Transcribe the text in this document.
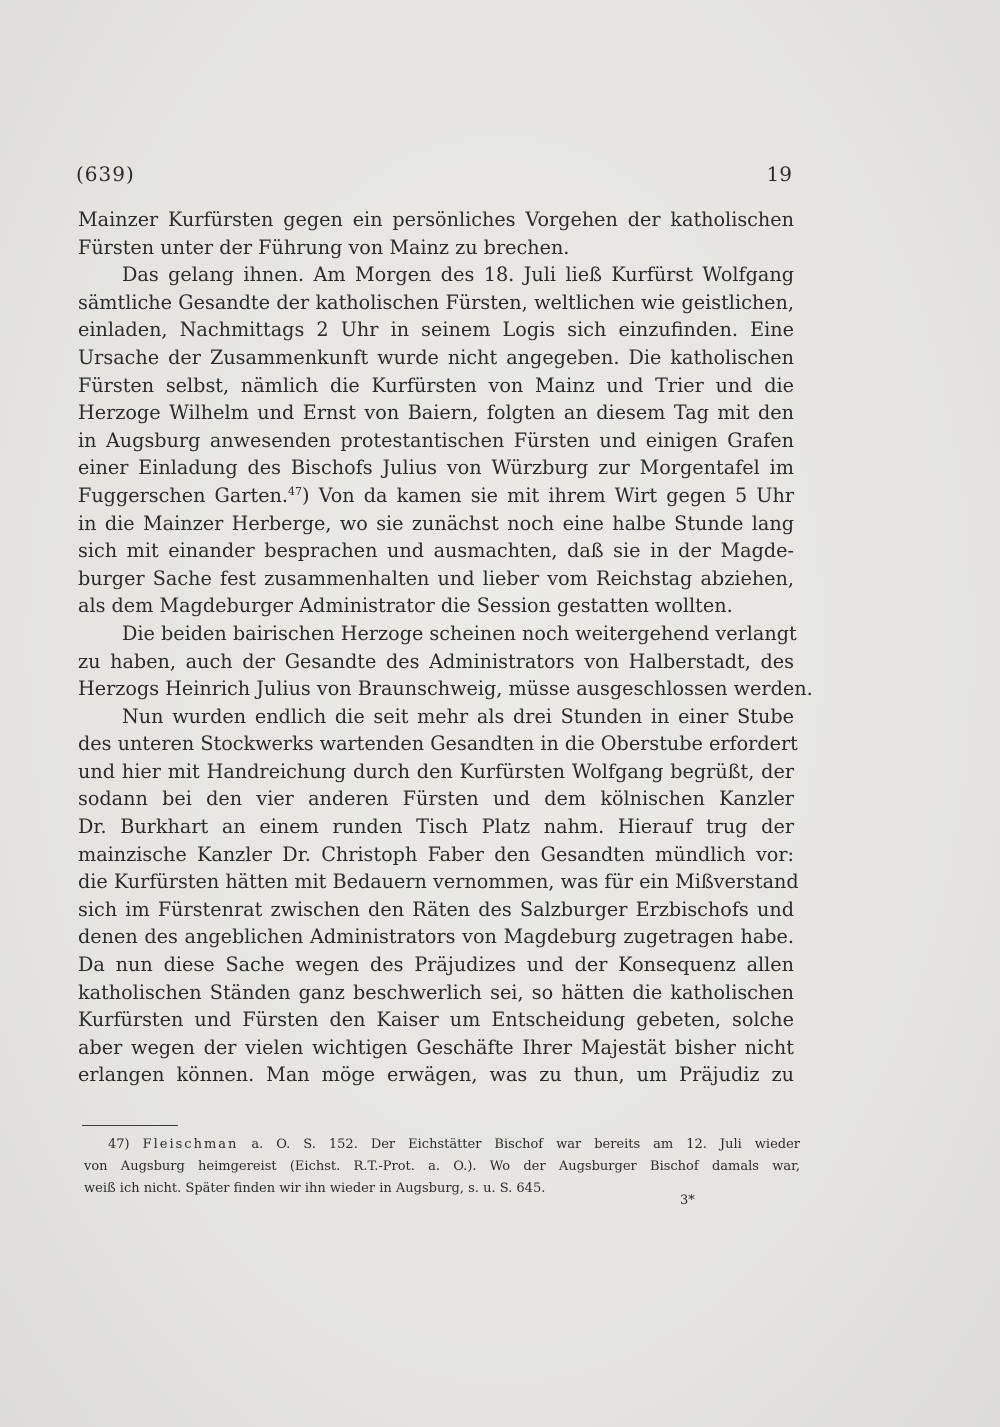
(639)	19
Mainzer Kurfürsten gegen ein persönliches Vorgehen der katholischen
Fürsten unter der Führung von Mainz zu brechen.
Das gelang ihnen. Am Morgen des 18. Juli ließ Kurfürst Wolfgang
sämtliche Gesandte der katholischen Fürsten, weltlichen wie geistlichen,
einladen, Nachmittags 2 Uhr in seinem Logis sich einzufinden. Eine
Ursache der Zusammenkunft wurde nicht angegeben. Die katholischen
Fürsten selbst, nämlich die Kurfürsten von Mainz und Trier und die
Herzoge Wilhelm und Ernst von Baiern, folgten an diesem Tag mit den
in Augsburg anwesenden protestantischen Fürsten und einigen Grafen
einer Einladung des Bischofs Julius von Würzburg zur Morgentafel im
Fuggerschen Garten.$^{47}$) Von da kamen sie mit ihrem Wirt gegen 5 Uhr
in die Mainzer Herberge, wo sie zunächst noch eine halbe Stunde lang
sich mit einander besprachen und ausmachten, daß sie in der Magde-
burger Sache fest zusammenhalten und lieber vom Reichstag abziehen,
als dem Magdeburger Administrator die Session gestatten wollten.
Die beiden bairischen Herzoge scheinen noch weitergehend verlangt
zu haben, auch der Gesandte des Administrators von Halberstadt, des
Herzogs Heinrich Julius von Braunschweig, müsse ausgeschlossen werden.
Nun wurden endlich die seit mehr als drei Stunden in einer Stube
des unteren Stockwerks wartenden Gesandten in die Oberstube erfordert
und hier mit Handreichung durch den Kurfürsten Wolfgang begrüßt, der
sodann bei den vier anderen Fürsten und dem kölnischen Kanzler
Dr. Burkhart an einem runden Tisch Platz nahm. Hierauf trug der
mainzische Kanzler Dr. Christoph Faber den Gesandten mündlich vor:
die Kurfürsten hätten mit Bedauern vernommen, was für ein Mißverstand
sich im Fürstenrat zwischen den Räten des Salzburger Erzbischofs und
denen des angeblichen Administrators von Magdeburg zugetragen habe.
Da nun diese Sache wegen des Präjudizes und der Konsequenz allen
katholischen Ständen ganz beschwerlich sei, so hätten die katholischen
Kurfürsten und Fürsten den Kaiser um Entscheidung gebeten, solche
aber wegen der vielen wichtigen Geschäfte Ihrer Majestät bisher nicht
erlangen können. Man möge erwägen, was zu thun, um Präjudiz zu
47) Fleischman a. O. S. 152. Der Eichstätter Bischof war bereits am 12. Juli wieder
von Augsburg heimgereist (Eichst. R.T.-Prot. a. O.). Wo der Augsburger Bischof damals war,
weiß ich nicht. Später finden wir ihn wieder in Augsburg, s. u. S. 645.
3*
